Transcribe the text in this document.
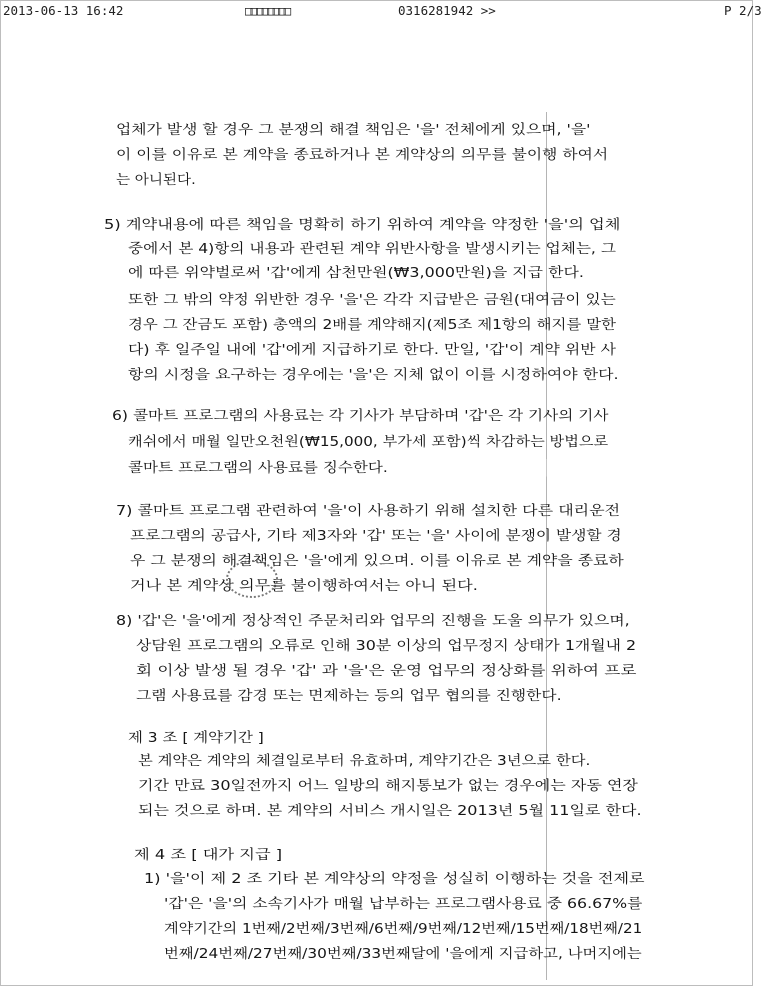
2013-06-13 16:42	□□□□□□□□	0316281942 >>	P 2/3
업체가 발생 할 경우 그 분쟁의 해결 책임은 '을' 전체에게 있으며, '을'
이 이를 이유로 본 계약을 종료하거나 본 계약상의 의무를 불이행 하여서
는 아니된다.
5) 계약내용에 따른 책임을 명확히 하기 위하여 계약을 약정한 '을'의 업체
중에서 본 4)항의 내용과 관련된 계약 위반사항을 발생시키는 업체는, 그
에 따른 위약벌로써 '갑'에게 삼천만원(₩3,000만원)을 지급 한다.
또한 그 밖의 약정 위반한 경우 '을'은 각각 지급받은 금원(대여금이 있는
경우 그 잔금도 포함) 총액의 2배를 계약해지(제5조 제1항의 해지를 말한
다) 후 일주일 내에 '갑'에게 지급하기로 한다. 만일, '갑'이 계약 위반 사
항의 시정을 요구하는 경우에는 '을'은 지체 없이 이를 시정하여야 한다.
6) 콜마트 프로그램의 사용료는 각 기사가 부담하며 '갑'은 각 기사의 기사
캐쉬에서 매월 일만오천원(₩15,000, 부가세 포함)씩 차감하는 방법으로
콜마트 프로그램의 사용료를 징수한다.
7) 콜마트 프로그램 관련하여 '을'이 사용하기 위해 설치한 다른 대리운전
프로그램의 공급사, 기타 제3자와 '갑' 또는 '을' 사이에 분쟁이 발생할 경
우 그 분쟁의 해결책임은 '을'에게 있으며. 이를 이유로 본 계약을 종료하
거나 본 계약상 의무를 불이행하여서는 아니 된다.
8) '갑'은 '을'에게 정상적인 주문처리와 업무의 진행을 도울 의무가 있으며,
상담원 프로그램의 오류로 인해 30분 이상의 업무정지 상태가 1개월내 2
회 이상 발생 될 경우 '갑' 과 '을'은 운영 업무의 정상화를 위하여 프로
그램 사용료를 감경 또는 면제하는 등의 업무 협의를 진행한다.
제 3 조 [ 계약기간 ]
본 계약은 계약의 체결일로부터 유효하며, 계약기간은 3년으로 한다.
기간 만료 30일전까지 어느 일방의 해지통보가 없는 경우에는 자동 연장
되는 것으로 하며. 본 계약의 서비스 개시일은 2013년 5월 11일로 한다.
제 4 조 [ 대가 지급 ]
1) '을'이 제 2 조 기타 본 계약상의 약정을 성실히 이행하는 것을 전제로
'갑'은 '을'의 소속기사가 매월 납부하는 프로그램사용료 중 66.67%를
계약기간의 1번째/2번째/3번째/6번째/9번째/12번째/15번째/18번째/21
번째/24번째/27번째/30번째/33번째달에 '을에게 지급하고, 나머지에는
